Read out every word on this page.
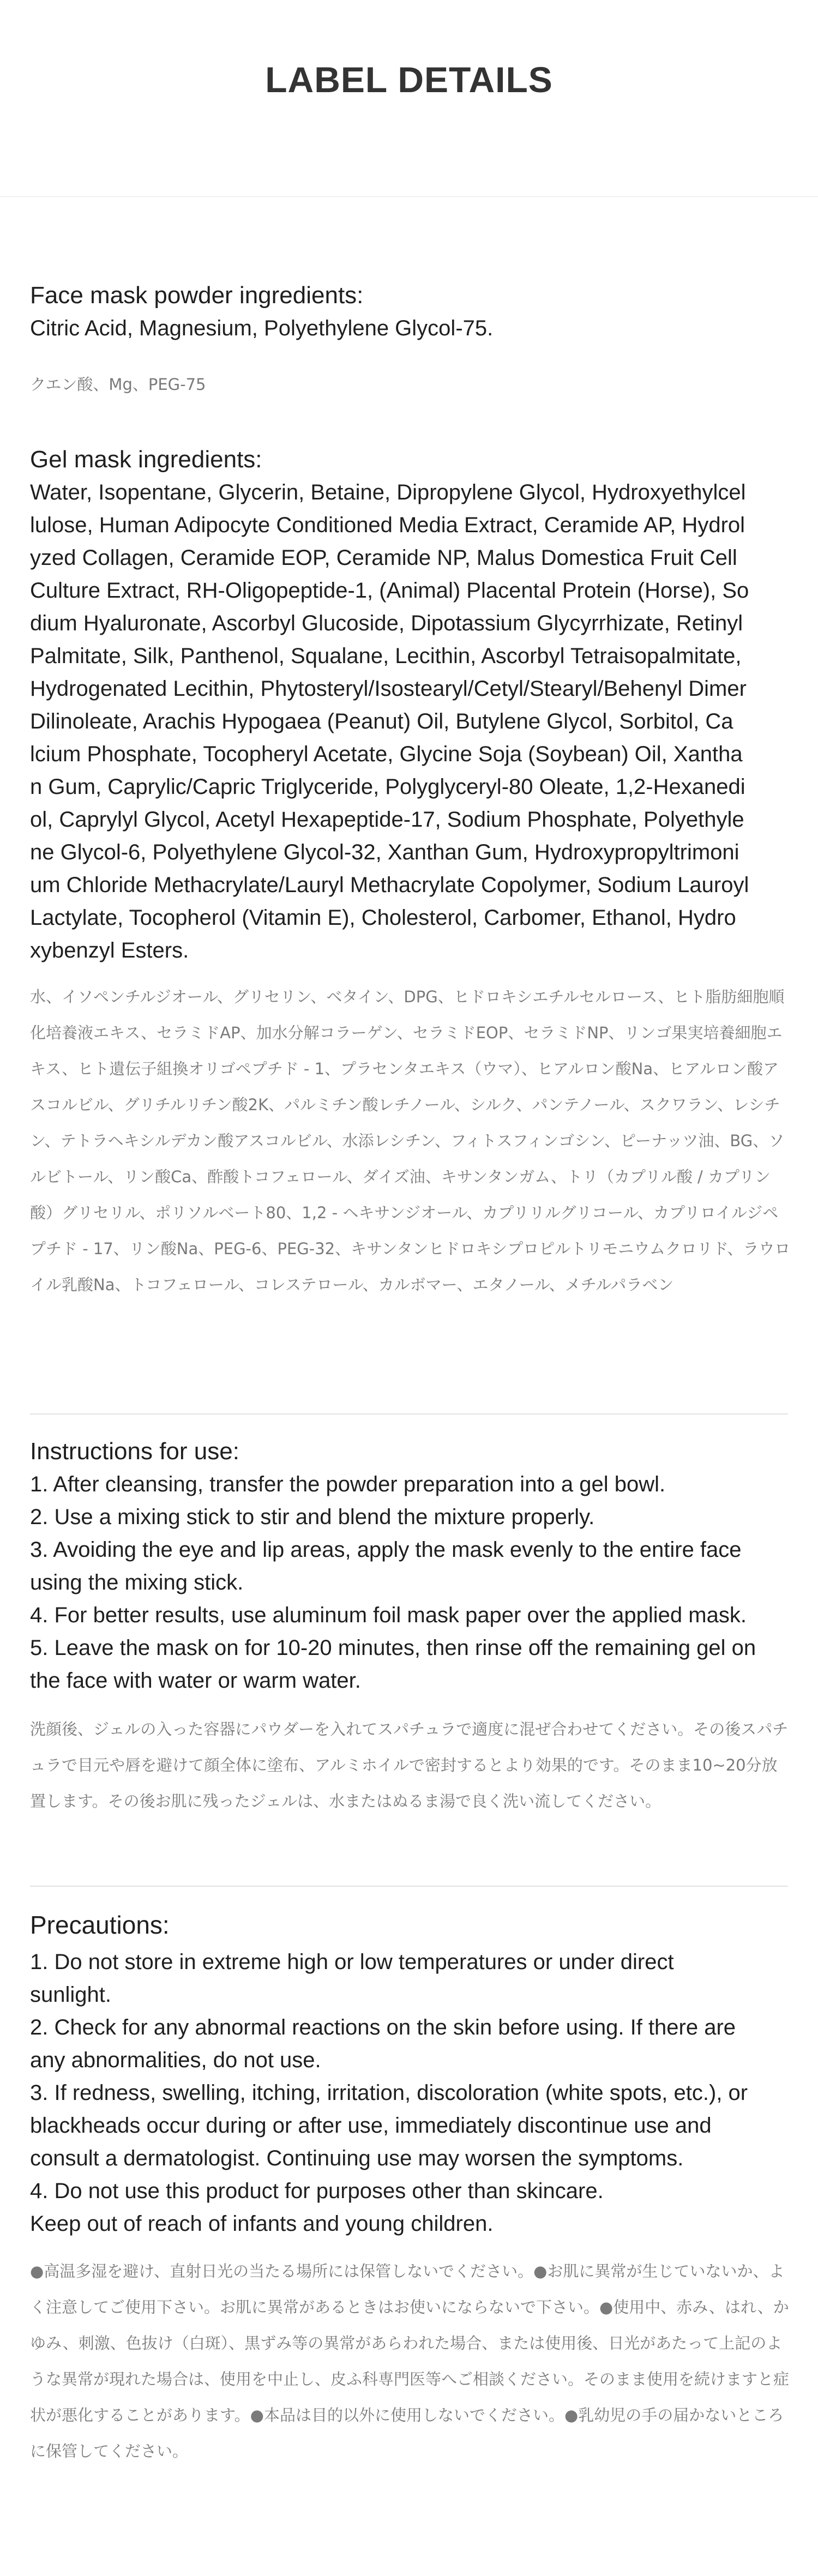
LABEL DETAILS

Face mask powder ingredients:

Citric Acid, Magnesium, Polyethylene Glycol-75.

クエン酸、Mg、PEG-75

Gel mask ingredients:

Water, Isopentane, Glycerin, Betaine, Dipropylene Glycol, Hydroxyethylcel
lulose, Human Adipocyte Conditioned Media Extract, Ceramide AP, Hydrol
yzed Collagen, Ceramide EOP, Ceramide NP, Malus Domestica Fruit Cell
Culture Extract, RH-Oligopeptide-1, (Animal) Placental Protein (Horse), So
dium Hyaluronate, Ascorbyl Glucoside, Dipotassium Glycyrrhizate, Retinyl
Palmitate, Silk, Panthenol, Squalane, Lecithin, Ascorbyl Tetraisopalmitate,
Hydrogenated Lecithin, Phytosteryl/Isostearyl/Cetyl/Stearyl/Behenyl Dimer
Dilinoleate, Arachis Hypogaea (Peanut) Oil, Butylene Glycol, Sorbitol, Ca
lcium Phosphate, Tocopheryl Acetate, Glycine Soja (Soybean) Oil, Xantha
n Gum, Caprylic/Capric Triglyceride, Polyglyceryl-80 Oleate, 1,2-Hexanedi
ol, Caprylyl Glycol, Acetyl Hexapeptide-17, Sodium Phosphate, Polyethyle
ne Glycol-6, Polyethylene Glycol-32, Xanthan Gum, Hydroxypropyltrimoni
um Chloride Methacrylate/Lauryl Methacrylate Copolymer, Sodium Lauroyl
Lactylate, Tocopherol (Vitamin E), Cholesterol, Carbomer, Ethanol, Hydro
xybenzyl Esters.

水、イソペンチルジオール、グリセリン、ベタイン、DPG、ヒドロキシエチルセルロース、ヒト脂肪細胞順化培養液エキス、セラミドAP、加水分解コラーゲン、セラミドEOP、セラミドNP、リンゴ果実培養細胞エキス、ヒト遺伝子組換オリゴペプチド - 1、プラセンタエキス（ウマ）、ヒアルロン酸Na、ヒアルロン酸アスコルビル、グリチルリチン酸2K、パルミチン酸レチノール、シルク、パンテノール、スクワラン、レシチン、テトラヘキシルデカン酸アスコルビル、水添レシチン、フィトスフィンゴシン、ピーナッツ油、BG、ソルビトール、リン酸Ca、酢酸トコフェロール、ダイズ油、キサンタンガム、トリ（カプリル酸 / カプリン酸）グリセリル、ポリソルベート80、1,2 - ヘキサンジオール、カプリリルグリコール、カプリロイルジペプチド - 17、リン酸Na、PEG-6、PEG-32、キサンタンヒドロキシプロピルトリモニウムクロリド、ラウロイル乳酸Na、トコフェロール、コレステロール、カルボマー、エタノール、メチルパラベン

Instructions for use:

1. After cleansing, transfer the powder preparation into a gel bowl.
2. Use a mixing stick to stir and blend the mixture properly.
3. Avoiding the eye and lip areas, apply the mask evenly to the entire face
using the mixing stick.
4. For better results, use aluminum foil mask paper over the applied mask.
5. Leave the mask on for 10-20 minutes, then rinse off the remaining gel on
the face with water or warm water.

洗顔後、ジェルの入った容器にパウダーを入れてスパチュラで適度に混ぜ合わせてください。その後スパチュラで目元や唇を避けて顔全体に塗布、アルミホイルで密封するとより効果的です。そのまま10~20分放置します。その後お肌に残ったジェルは、水またはぬるま湯で良く洗い流してください。

Precautions:

1. Do not store in extreme high or low temperatures or under direct
sunlight.
2. Check for any abnormal reactions on the skin before using. If there are
any abnormalities, do not use.
3. If redness, swelling, itching, irritation, discoloration (white spots, etc.), or
blackheads occur during or after use, immediately discontinue use and
consult a dermatologist. Continuing use may worsen the symptoms.
4. Do not use this product for purposes other than skincare.
Keep out of reach of infants and young children.

●高温多湿を避け、直射日光の当たる場所には保管しないでください。●お肌に異常が生じていないか、よく注意してご使用下さい。お肌に異常があるときはお使いにならないで下さい。●使用中、赤み、はれ、かゆみ、刺激、色抜け（白斑）、黒ずみ等の異常があらわれた場合、または使用後、日光があたって上記のような異常が現れた場合は、使用を中止し、皮ふ科専門医等へご相談ください。そのまま使用を続けますと症状が悪化することがあります。●本品は目的以外に使用しないでください。●乳幼児の手の届かないところに保管してください。
